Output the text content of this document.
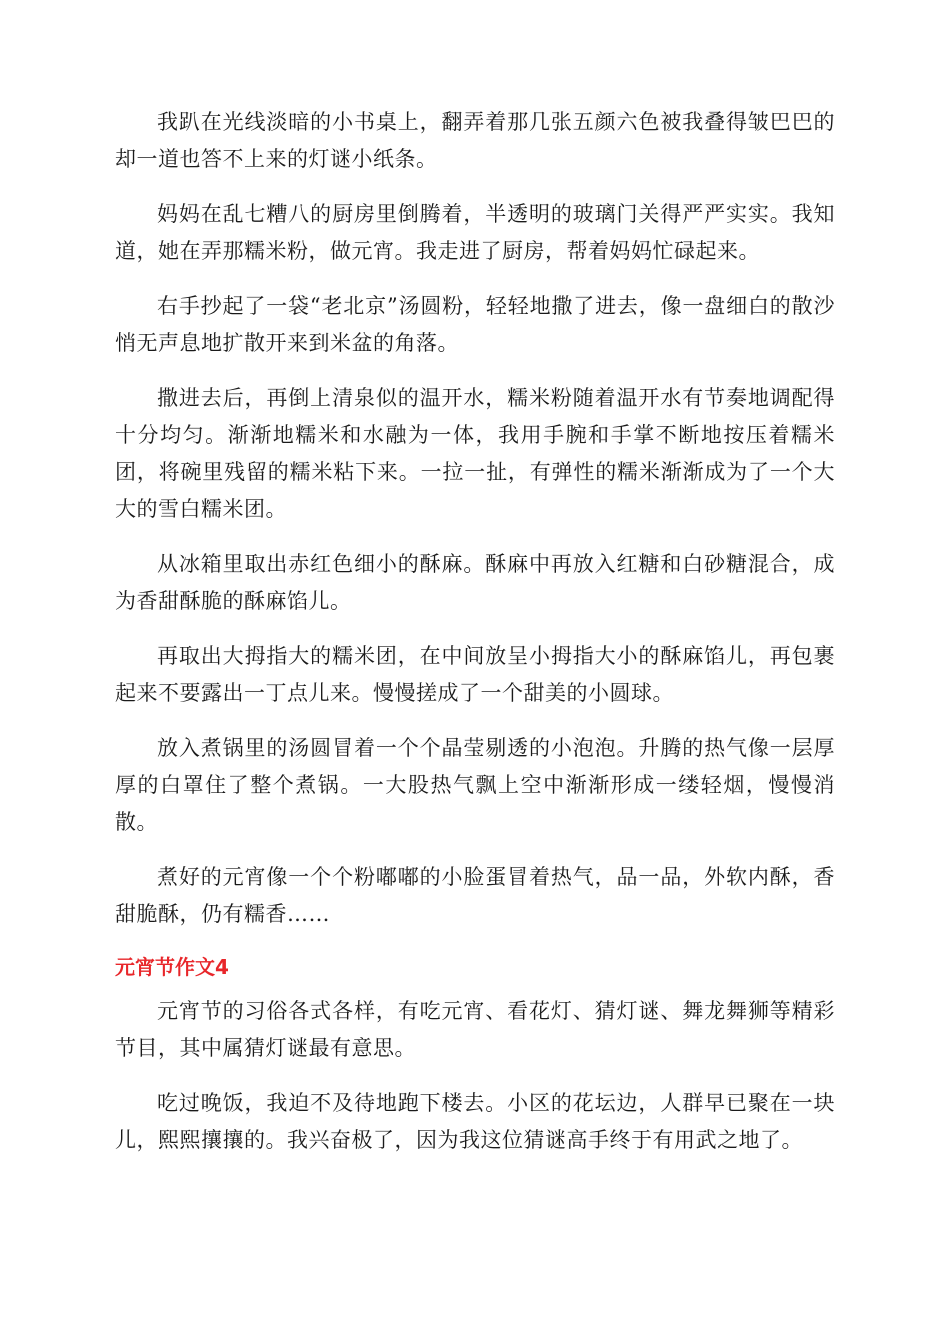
我趴在光线淡暗的小书桌上，翻弄着那几张五颜六色被我叠得皱巴巴的却一道也答不上来的灯谜小纸条。

妈妈在乱七糟八的厨房里倒腾着，半透明的玻璃门关得严严实实。我知道，她在弄那糯米粉，做元宵。我走进了厨房，帮着妈妈忙碌起来。

右手抄起了一袋“老北京”汤圆粉，轻轻地撒了进去，像一盘细白的散沙悄无声息地扩散开来到米盆的角落。

撒进去后，再倒上清泉似的温开水，糯米粉随着温开水有节奏地调配得十分均匀。渐渐地糯米和水融为一体，我用手腕和手掌不断地按压着糯米团，将碗里残留的糯米粘下来。一拉一扯，有弹性的糯米渐渐成为了一个大大的雪白糯米团。

从冰箱里取出赤红色细小的酥麻。酥麻中再放入红糖和白砂糖混合，成为香甜酥脆的酥麻馅儿。

再取出大拇指大的糯米团，在中间放呈小拇指大小的酥麻馅儿，再包裹起来不要露出一丁点儿来。慢慢搓成了一个甜美的小圆球。

放入煮锅里的汤圆冒着一个个晶莹剔透的小泡泡。升腾的热气像一层厚厚的白罩住了整个煮锅。一大股热气飘上空中渐渐形成一缕轻烟，慢慢消散。

煮好的元宵像一个个粉嘟嘟的小脸蛋冒着热气，品一品，外软内酥，香甜脆酥，仍有糯香……

元宵节作文4

元宵节的习俗各式各样，有吃元宵、看花灯、猜灯谜、舞龙舞狮等精彩节目，其中属猜灯谜最有意思。

吃过晚饭，我迫不及待地跑下楼去。小区的花坛边，人群早已聚在一块儿，熙熙攘攘的。我兴奋极了，因为我这位猜谜高手终于有用武之地了。
